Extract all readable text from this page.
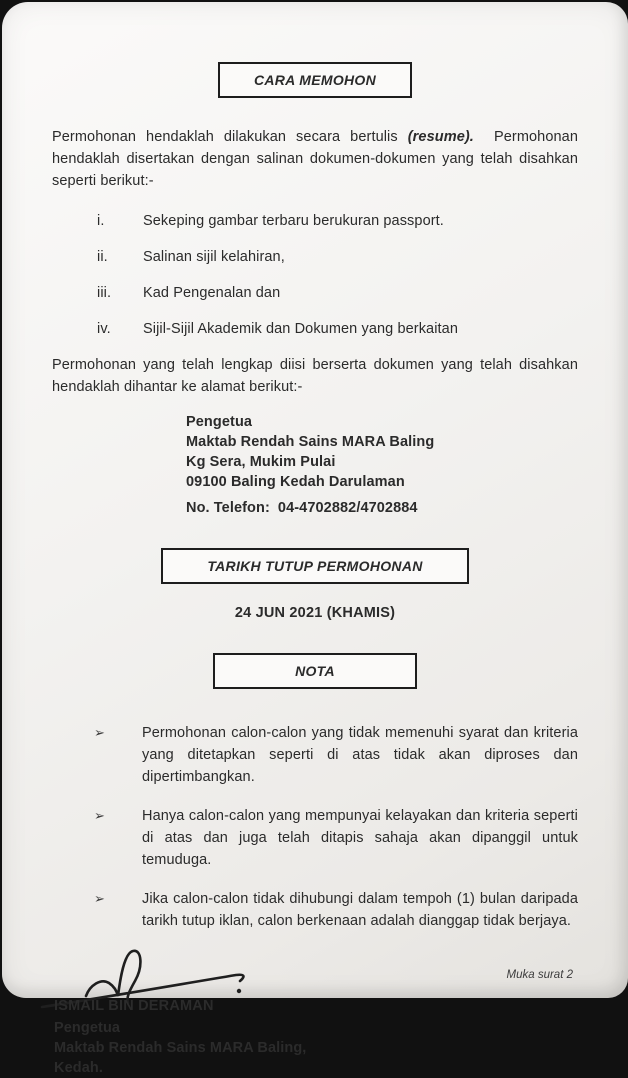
CARA MEMOHON

Permohonan hendaklah dilakukan secara bertulis (resume). Permohonan hendaklah disertakan dengan salinan dokumen-dokumen yang telah disahkan seperti berikut:-

i.	Sekeping gambar terbaru berukuran passport.
ii.	Salinan sijil kelahiran,
iii.	Kad Pengenalan dan
iv.	Sijil-Sijil Akademik dan Dokumen yang berkaitan

Permohonan yang telah lengkap diisi berserta dokumen yang telah disahkan hendaklah dihantar ke alamat berikut:-

Pengetua
Maktab Rendah Sains MARA Baling
Kg Sera, Mukim Pulai
09100 Baling Kedah Darulaman
No. Telefon: 04-4702882/4702884
TARIKH TUTUP PERMOHONAN
24 JUN 2021 (KHAMIS)
NOTA
➢	Permohonan calon-calon yang tidak memenuhi syarat dan kriteria yang ditetapkan seperti di atas tidak akan diproses dan dipertimbangkan.
➢	Hanya calon-calon yang mempunyai kelayakan dan kriteria seperti di atas dan juga telah ditapis sahaja akan dipanggil untuk temuduga.
➢	Jika calon-calon tidak dihubungi dalam tempoh (1) bulan daripada tarikh tutup iklan, calon berkenaan adalah dianggap tidak berjaya.
ISMAIL BIN DERAMAN
Pengetua
Maktab Rendah Sains MARA Baling,
Kedah.
Muka surat 2
